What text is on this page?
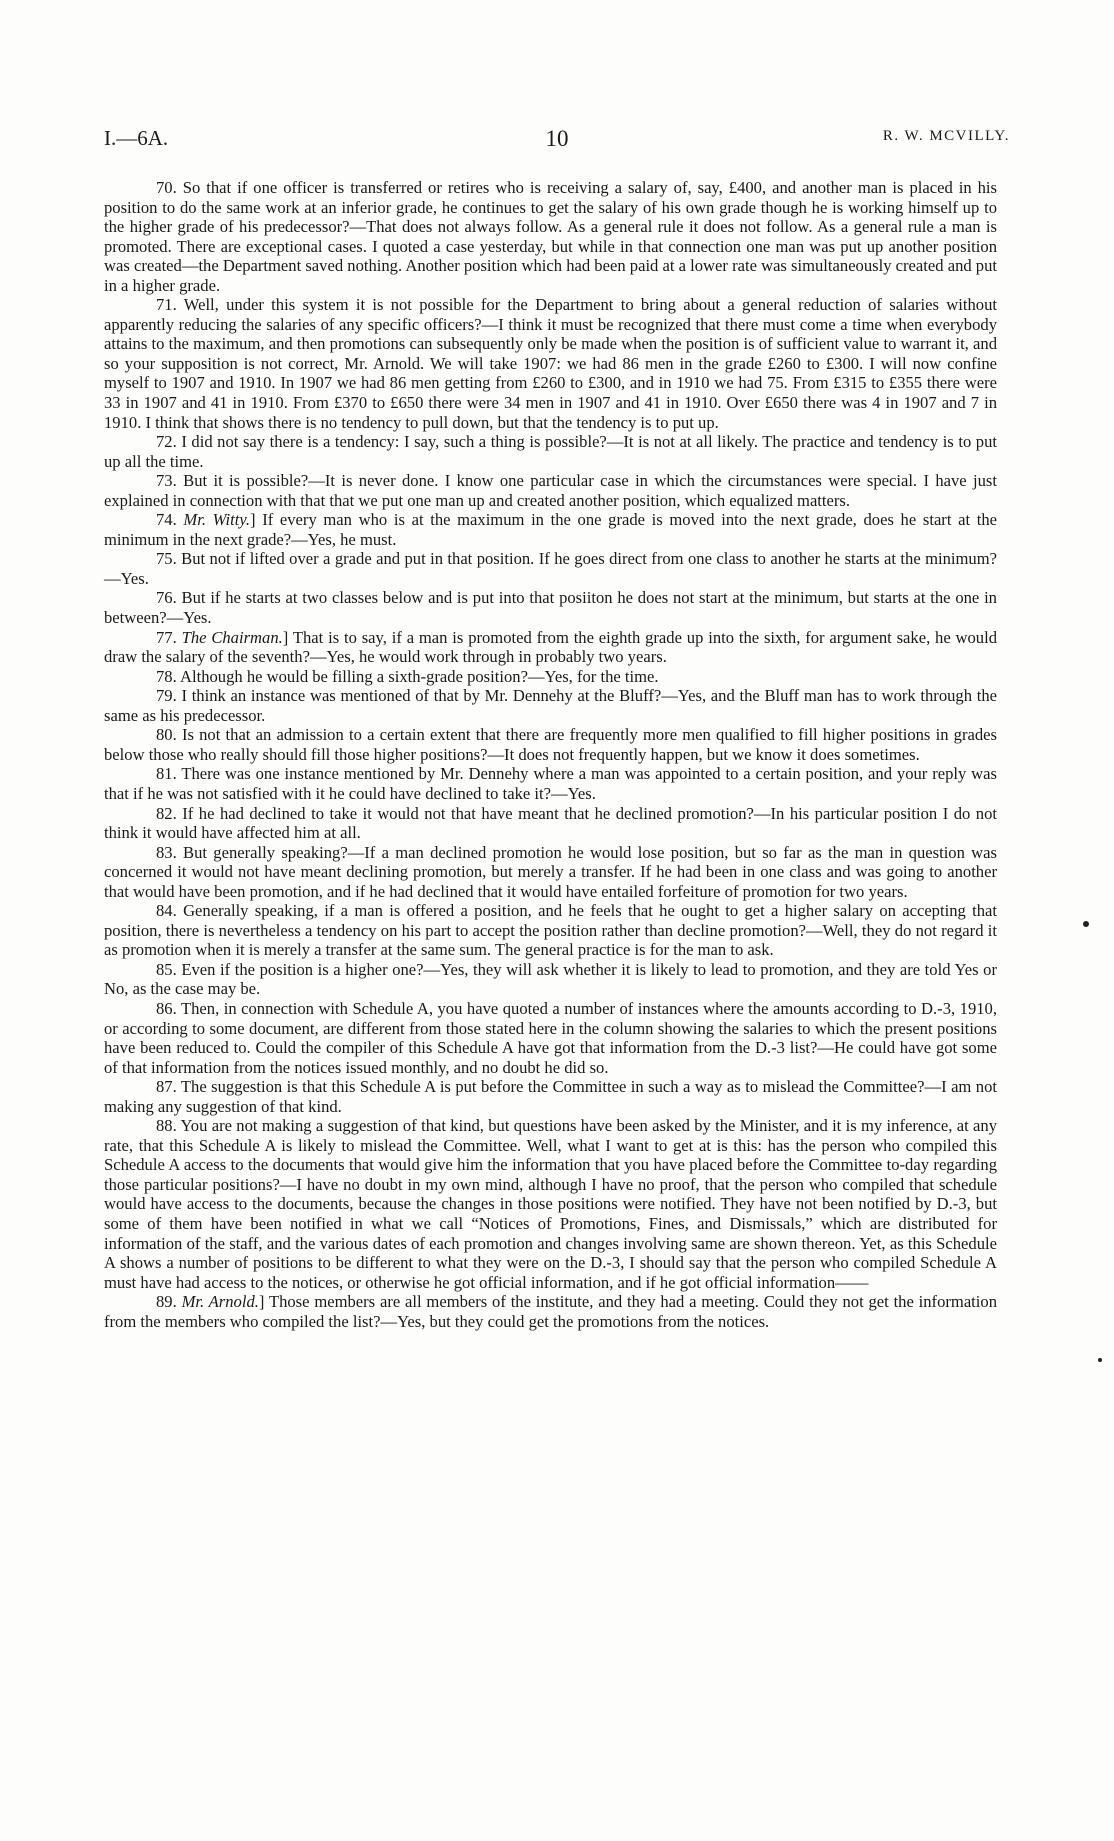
I.—6A.	10	R. W. MCVILLY.

70. So that if one officer is transferred or retires who is receiving a salary of, say, £400, and another man is placed in his position to do the same work at an inferior grade, he continues to get the salary of his own grade though he is working himself up to the higher grade of his predecessor?—That does not always follow. As a general rule it does not follow. As a general rule a man is promoted. There are exceptional cases. I quoted a case yesterday, but while in that connection one man was put up another position was created—the Department saved nothing. Another position which had been paid at a lower rate was simultaneously created and put in a higher grade.

71. Well, under this system it is not possible for the Department to bring about a general reduction of salaries without apparently reducing the salaries of any specific officers?—I think it must be recognized that there must come a time when everybody attains to the maximum, and then promotions can subsequently only be made when the position is of sufficient value to warrant it, and so your supposition is not correct, Mr. Arnold. We will take 1907: we had 86 men in the grade £260 to £300. I will now confine myself to 1907 and 1910. In 1907 we had 86 men getting from £260 to £300, and in 1910 we had 75. From £315 to £355 there were 33 in 1907 and 41 in 1910. From £370 to £650 there were 34 men in 1907 and 41 in 1910. Over £650 there was 4 in 1907 and 7 in 1910. I think that shows there is no tendency to pull down, but that the tendency is to put up.

72. I did not say there is a tendency: I say, such a thing is possible?—It is not at all likely. The practice and tendency is to put up all the time.

73. But it is possible?—It is never done. I know one particular case in which the circumstances were special. I have just explained in connection with that that we put one man up and created another position, which equalized matters.

74. Mr. Witty.] If every man who is at the maximum in the one grade is moved into the next grade, does he start at the minimum in the next grade?—Yes, he must.

75. But not if lifted over a grade and put in that position. If he goes direct from one class to another he starts at the minimum?—Yes.

76. But if he starts at two classes below and is put into that posiiton he does not start at the minimum, but starts at the one in between?—Yes.

77. The Chairman.] That is to say, if a man is promoted from the eighth grade up into the sixth, for argument sake, he would draw the salary of the seventh?—Yes, he would work through in probably two years.

78. Although he would be filling a sixth-grade position?—Yes, for the time.

79. I think an instance was mentioned of that by Mr. Dennehy at the Bluff?—Yes, and the Bluff man has to work through the same as his predecessor.

80. Is not that an admission to a certain extent that there are frequently more men qualified to fill higher positions in grades below those who really should fill those higher positions?—It does not frequently happen, but we know it does sometimes.

81. There was one instance mentioned by Mr. Dennehy where a man was appointed to a certain position, and your reply was that if he was not satisfied with it he could have declined to take it?—Yes.

82. If he had declined to take it would not that have meant that he declined promotion?—In his particular position I do not think it would have affected him at all.

83. But generally speaking?—If a man declined promotion he would lose position, but so far as the man in question was concerned it would not have meant declining promotion, but merely a transfer. If he had been in one class and was going to another that would have been promotion, and if he had declined that it would have entailed forfeiture of promotion for two years.

84. Generally speaking, if a man is offered a position, and he feels that he ought to get a higher salary on accepting that position, there is nevertheless a tendency on his part to accept the position rather than decline promotion?—Well, they do not regard it as promotion when it is merely a transfer at the same sum. The general practice is for the man to ask.

85. Even if the position is a higher one?—Yes, they will ask whether it is likely to lead to promotion, and they are told Yes or No, as the case may be.

86. Then, in connection with Schedule A, you have quoted a number of instances where the amounts according to D.-3, 1910, or according to some document, are different from those stated here in the column showing the salaries to which the present positions have been reduced to. Could the compiler of this Schedule A have got that information from the D.-3 list?—He could have got some of that information from the notices issued monthly, and no doubt he did so.

87. The suggestion is that this Schedule A is put before the Committee in such a way as to mislead the Committee?—I am not making any suggestion of that kind.

88. You are not making a suggestion of that kind, but questions have been asked by the Minister, and it is my inference, at any rate, that this Schedule A is likely to mislead the Committee. Well, what I want to get at is this: has the person who compiled this Schedule A access to the documents that would give him the information that you have placed before the Committee to-day regarding those particular positions?—I have no doubt in my own mind, although I have no proof, that the person who compiled that schedule would have access to the documents, because the changes in those positions were notified. They have not been notified by D.-3, but some of them have been notified in what we call “Notices of Promotions, Fines, and Dismissals,” which are distributed for information of the staff, and the various dates of each promotion and changes involving same are shown thereon. Yet, as this Schedule A shows a number of positions to be different to what they were on the D.-3, I should say that the person who compiled Schedule A must have had access to the notices, or otherwise he got official information, and if he got official information——

89. Mr. Arnold.] Those members are all members of the institute, and they had a meeting. Could they not get the information from the members who compiled the list?—Yes, but they could get the promotions from the notices.
